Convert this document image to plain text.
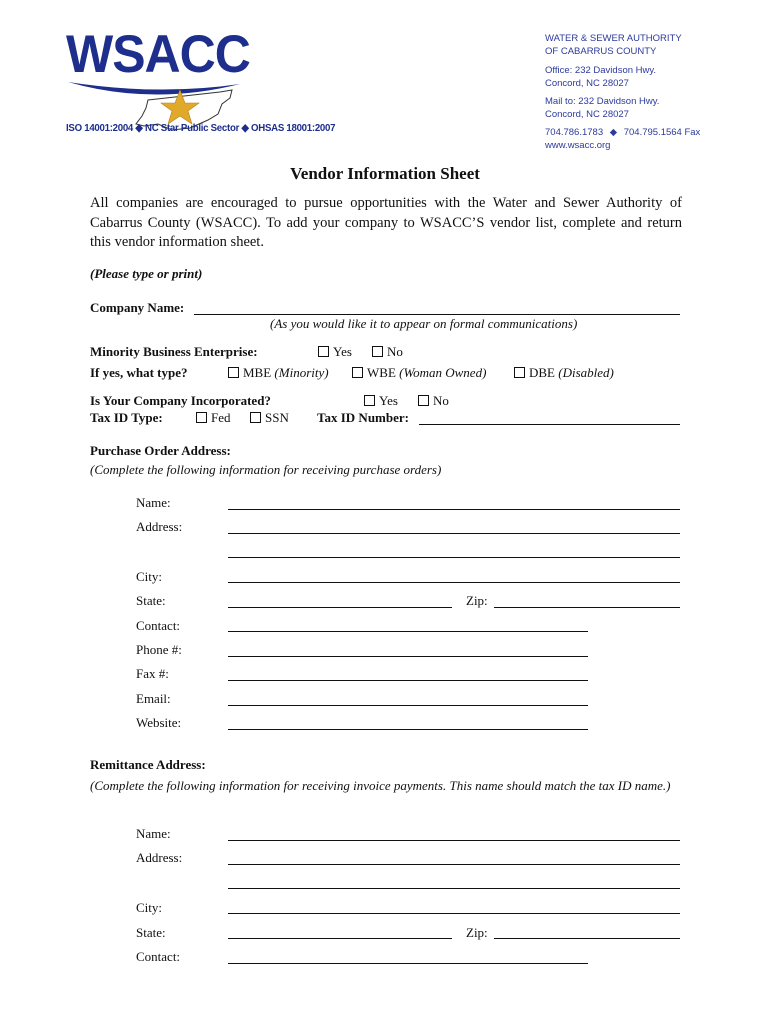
WSACC
ISO 14001:2004 ◆ NC Star Public Sector ◆ OHSAS 18001:2007
WATER & SEWER AUTHORITY
OF CABARRUS COUNTY
Office: 232 Davidson Hwy.
Concord, NC 28027
Mail to: 232 Davidson Hwy.
Concord, NC 28027
704.786.1783 ◆ 704.795.1564 Fax
www.wsacc.org
Vendor Information Sheet
All companies are encouraged to pursue opportunities with the Water and Sewer Authority of Cabarrus County (WSACC). To add your company to WSACC’S vendor list, complete and return this vendor information sheet.
(Please type or print)
Company Name:
(As you would like it to appear on formal communications)
Minority Business Enterprise:	Yes	No
If yes, what type?	MBE (Minority)	WBE (Woman Owned)	DBE (Disabled)
Is Your Company Incorporated?	Yes	No
Tax ID Type:	Fed	SSN Tax ID Number:
Purchase Order Address:
(Complete the following information for receiving purchase orders)
Name:
Address:
City:
State:	Zip:
Contact:
Phone #:
Fax #:
Email:
Website:
Remittance Address:
(Complete the following information for receiving invoice payments. This name should match the tax ID name.)
Name:
Address:
City:
State:	Zip:
Contact:
